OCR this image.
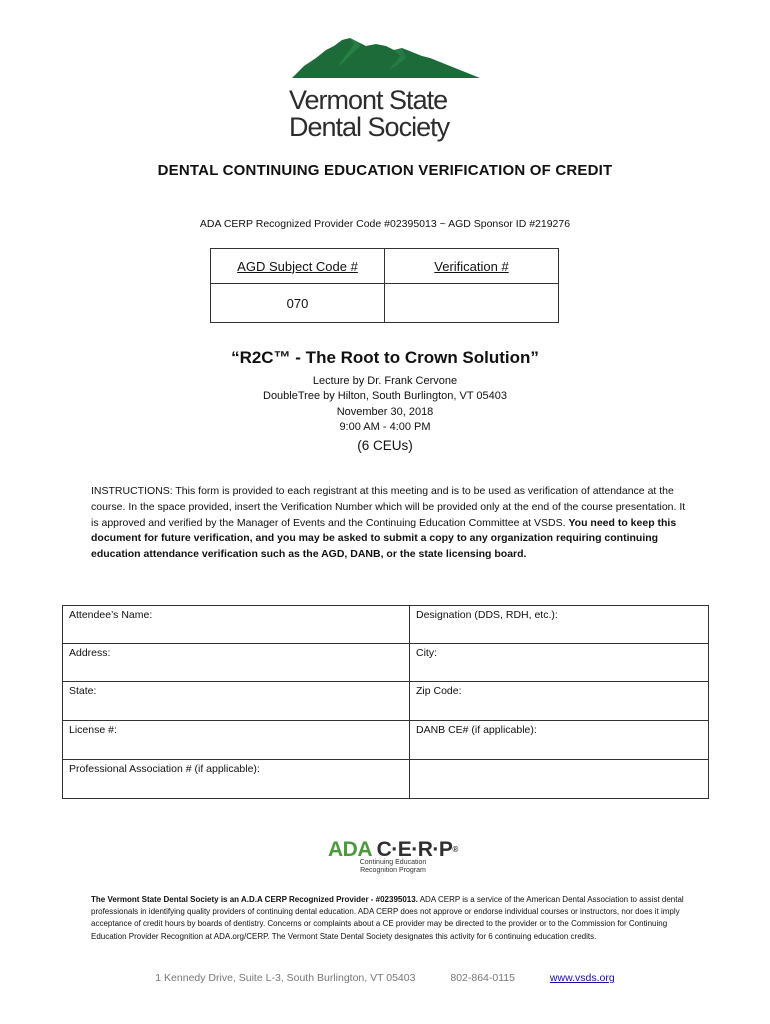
Vermont State
Dental Society
DENTAL CONTINUING EDUCATION VERIFICATION OF CREDIT
ADA CERP Recognized Provider Code #02395013 ~ AGD Sponsor ID #219276
AGD Subject Code #	Verification #
070	
“R2C™ - The Root to Crown Solution”
Lecture by Dr. Frank Cervone
DoubleTree by Hilton, South Burlington, VT 05403
November 30, 2018
9:00 AM - 4:00 PM
(6 CEUs)
INSTRUCTIONS: This form is provided to each registrant at this meeting and is to be used as verification of attendance at the course. In the space provided, insert the Verification Number which will be provided only at the end of the course presentation. It is approved and verified by the Manager of Events and the Continuing Education Committee at VSDS. You need to keep this document for future verification, and you may be asked to submit a copy to any organization requiring continuing education attendance verification such as the AGD, DANB, or the state licensing board.
Attendee’s Name:	Designation (DDS, RDH, etc.):
Address:	City:
State:	Zip Code:
License #:	DANB CE# (if applicable):
Professional Association # (if applicable):	
ADA C·E·R·P®
Continuing Education
Recognition Program
The Vermont State Dental Society is an A.D.A CERP Recognized Provider - #02395013. ADA CERP is a service of the American Dental Association to assist dental professionals in identifying quality providers of continuing dental education. ADA CERP does not approve or endorse individual courses or instructors, nor does it imply acceptance of credit hours by boards of dentistry. Concerns or complaints about a CE provider may be directed to the provider or to the Commission for Continuing Education Provider Recognition at ADA.org/CERP. The Vermont State Dental Society designates this activity for 6 continuing education credits.
1 Kennedy Drive, Suite L-3, South Burlington, VT 05403	802-864-0115	www.vsds.org
